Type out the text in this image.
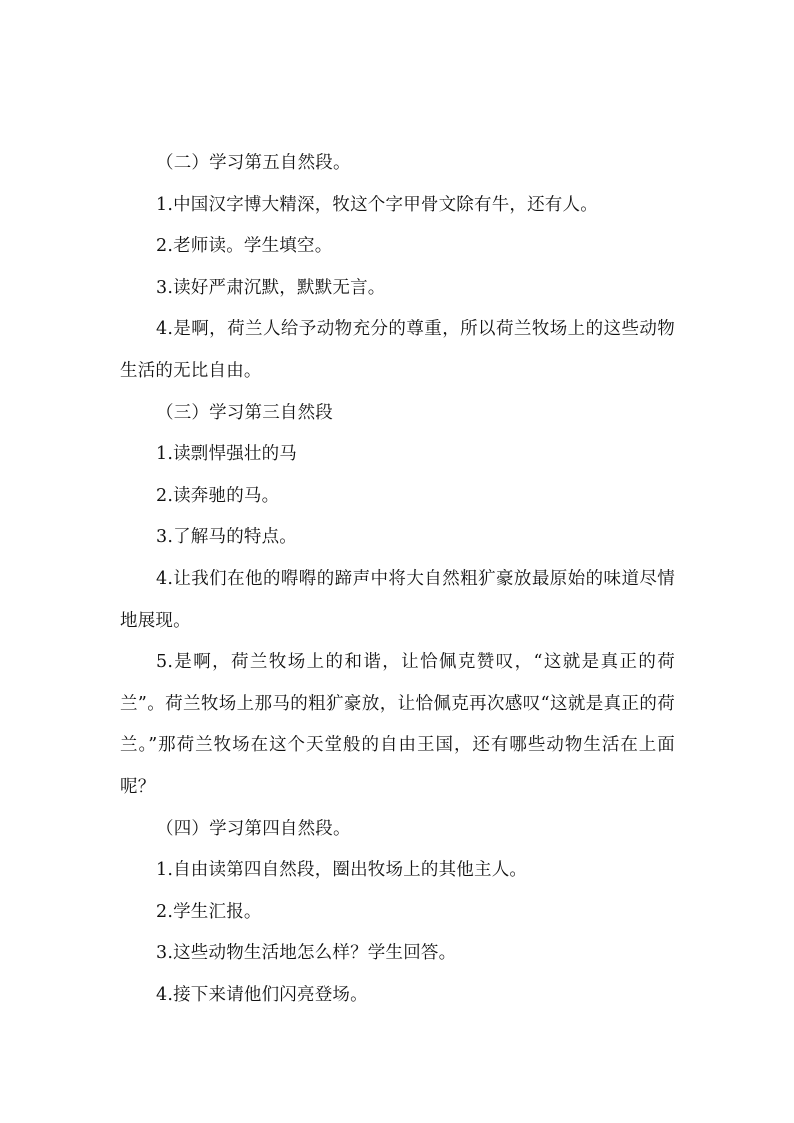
（二）学习第五自然段。

1.中国汉字博大精深，牧这个字甲骨文除有牛，还有人。

2.老师读。学生填空。

3.读好严肃沉默，默默无言。

4.是啊，荷兰人给予动物充分的尊重，所以荷兰牧场上的这些动物生活的无比自由。

（三）学习第三自然段

1.读剽悍强壮的马

2.读奔驰的马。

3.了解马的特点。

4.让我们在他的嘚嘚的蹄声中将大自然粗犷豪放最原始的味道尽情地展现。

5.是啊，荷兰牧场上的和谐，让恰佩克赞叹，“这就是真正的荷兰”。荷兰牧场上那马的粗犷豪放，让恰佩克再次感叹“这就是真正的荷兰。”那荷兰牧场在这个天堂般的自由王国，还有哪些动物生活在上面呢？

（四）学习第四自然段。

1.自由读第四自然段，圈出牧场上的其他主人。

2.学生汇报。

3.这些动物生活地怎么样？学生回答。

4.接下来请他们闪亮登场。
